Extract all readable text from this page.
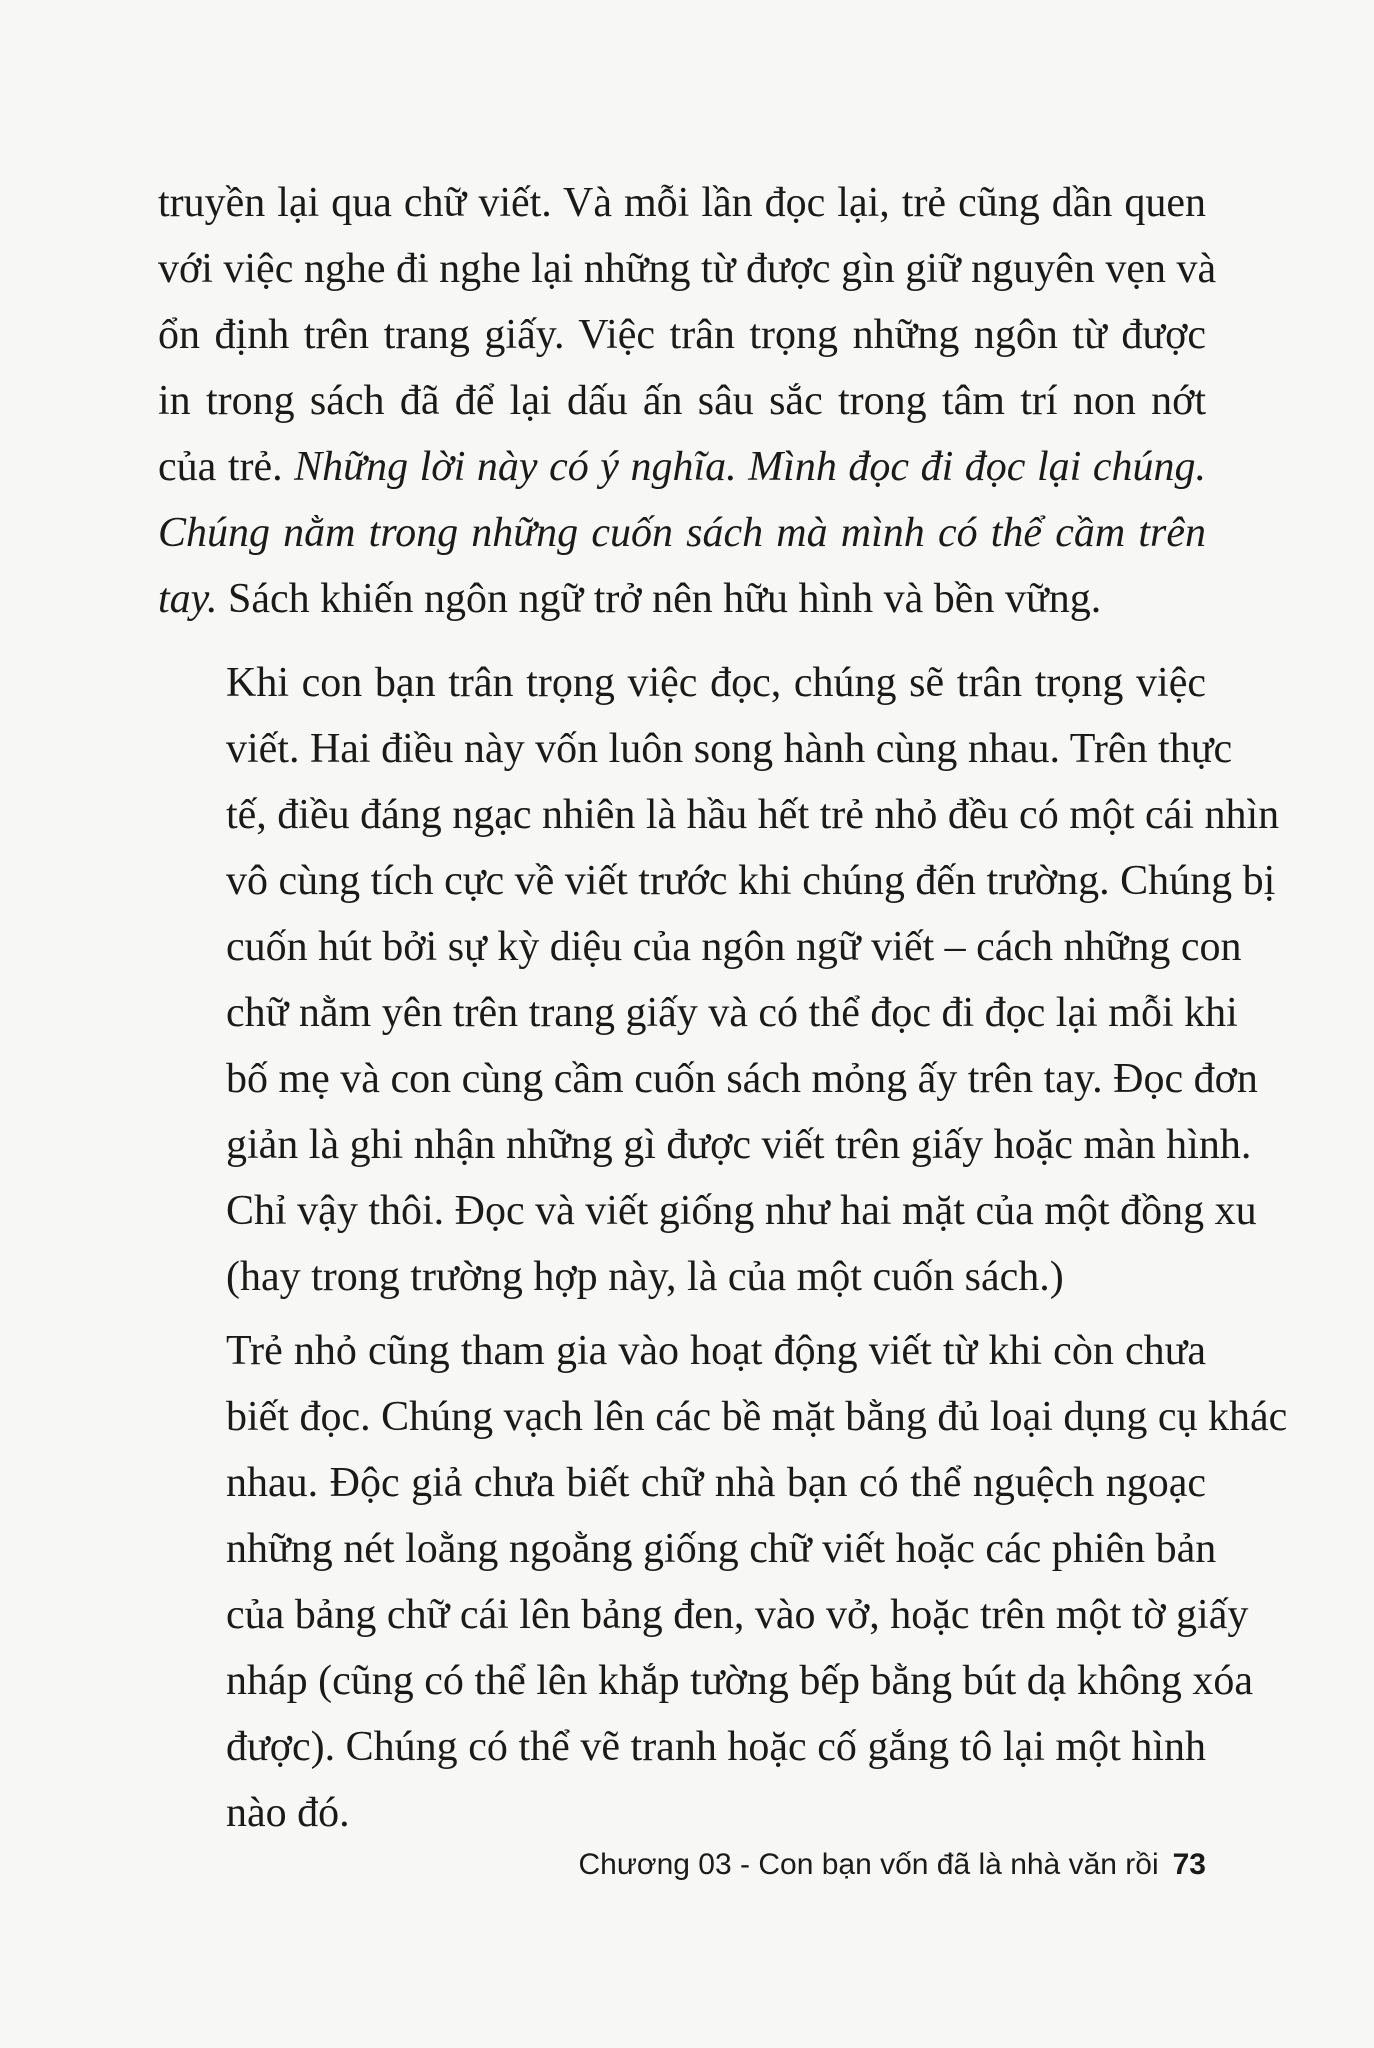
truyền lại qua chữ viết. Và mỗi lần đọc lại, trẻ cũng dần quen
với việc nghe đi nghe lại những từ được gìn giữ nguyên vẹn và
ổn định trên trang giấy. Việc trân trọng những ngôn từ được
in trong sách đã để lại dấu ấn sâu sắc trong tâm trí non nớt
của trẻ. Những lời này có ý nghĩa. Mình đọc đi đọc lại chúng.
Chúng nằm trong những cuốn sách mà mình có thể cầm trên
tay. Sách khiến ngôn ngữ trở nên hữu hình và bền vững.
Khi con bạn trân trọng việc đọc, chúng sẽ trân trọng việc
viết. Hai điều này vốn luôn song hành cùng nhau. Trên thực
tế, điều đáng ngạc nhiên là hầu hết trẻ nhỏ đều có một cái nhìn
vô cùng tích cực về viết trước khi chúng đến trường. Chúng bị
cuốn hút bởi sự kỳ diệu của ngôn ngữ viết – cách những con
chữ nằm yên trên trang giấy và có thể đọc đi đọc lại mỗi khi
bố mẹ và con cùng cầm cuốn sách mỏng ấy trên tay. Đọc đơn
giản là ghi nhận những gì được viết trên giấy hoặc màn hình.
Chỉ vậy thôi. Đọc và viết giống như hai mặt của một đồng xu
(hay trong trường hợp này, là của một cuốn sách.)
Trẻ nhỏ cũng tham gia vào hoạt động viết từ khi còn chưa
biết đọc. Chúng vạch lên các bề mặt bằng đủ loại dụng cụ khác
nhau. Độc giả chưa biết chữ nhà bạn có thể nguệch ngoạc
những nét loằng ngoằng giống chữ viết hoặc các phiên bản
của bảng chữ cái lên bảng đen, vào vở, hoặc trên một tờ giấy
nháp (cũng có thể lên khắp tường bếp bằng bút dạ không xóa
được). Chúng có thể vẽ tranh hoặc cố gắng tô lại một hình
nào đó.
Chương 03 - Con bạn vốn đã là nhà văn rồi 73
